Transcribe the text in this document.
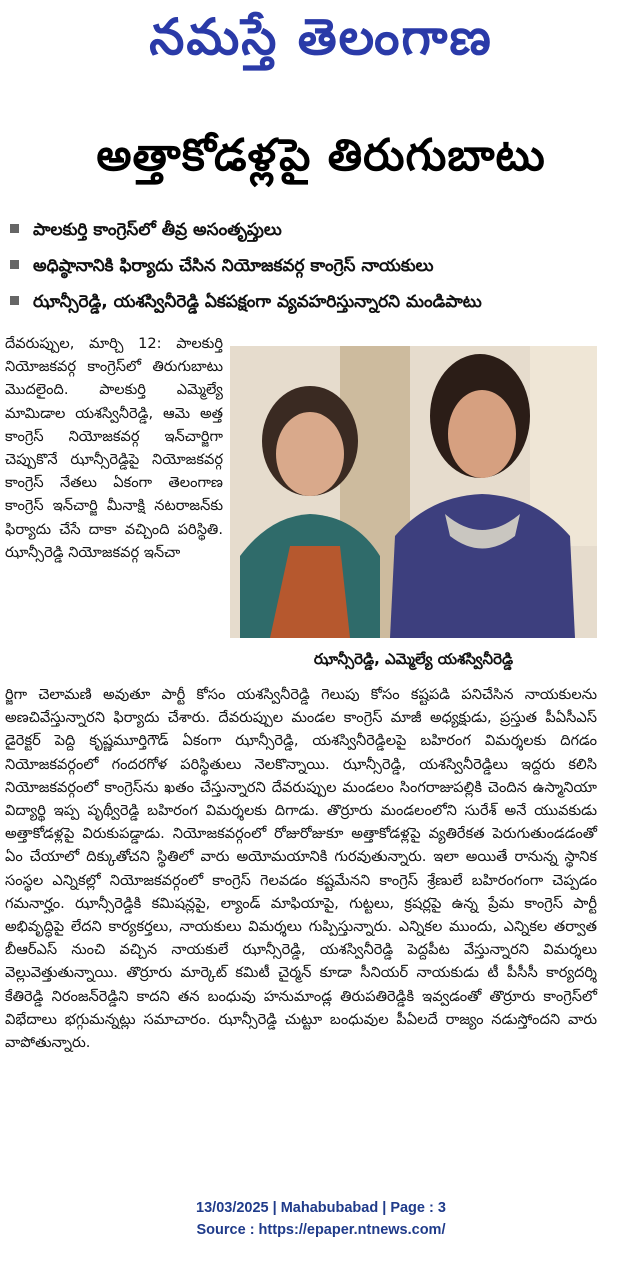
నమస్తే తెలంగాణ
అత్తాకోడళ్లపై తిరుగుబాటు
పాలకుర్తి కాంగ్రెస్‌లో తీవ్ర అసంతృప్తులు
అధిష్ఠానానికి ఫిర్యాదు చేసిన నియోజకవర్గ కాంగ్రెస్ నాయకులు
ఝాన్సీరెడ్డి, యశస్వినీరెడ్డి ఏకపక్షంగా వ్యవహరిస్తున్నారని మండిపాటు

దేవరుప్పుల, మార్చి 12: పాలకుర్తి నియోజకవర్గ కాంగ్రెస్‌లో తిరుగుబాటు మొదలైంది. పాలకుర్తి ఎమ్మెల్యే మామిడాల యశస్వినీరెడ్డి, ఆమె అత్త కాంగ్రెస్ నియోజకవర్గ ఇన్‌చార్జిగా చెప్పుకొనే ఝాన్సీరెడ్డిపై నియోజకవర్గ కాంగ్రెస్ నేతలు ఏకంగా తెలంగాణ కాంగ్రెస్ ఇన్‌చార్జి మీనాక్షి నటరాజన్‌కు ఫిర్యాదు చేసే దాకా వచ్చింది పరిస్థితి. ఝాన్సీరెడ్డి నియోజకవర్గ ఇన్‌చా

ఝాన్సీరెడ్డి, ఎమ్మెల్యే యశస్వినీరెడ్డి

ర్జిగా చెలామణి అవుతూ పార్టీ కోసం యశస్వినీరెడ్డి గెలుపు కోసం కష్టపడి పనిచేసిన నాయకులను అణచివేస్తున్నారని ఫిర్యాదు చేశారు. దేవరుప్పుల మండల కాంగ్రెస్ మాజీ అధ్యక్షుడు, ప్రస్తుత పీఏసీఎస్ డైరెక్టర్ పెద్ది కృష్ణమూర్తిగౌడ్ ఏకంగా ఝాన్సీరెడ్డి, యశస్వినీరెడ్డిలపై బహిరంగ విమర్శలకు దిగడం నియోజకవర్గంలో గందరగోళ పరిస్థితులు నెలకొన్నాయి. ఝాన్సీరెడ్డి, యశస్వినీరెడ్డిలు ఇద్దరు కలిసి నియోజకవర్గంలో కాంగ్రెస్‌ను ఖతం చేస్తున్నారని దేవరుప్పుల మండలం సింగరాజుపల్లికి చెందిన ఉస్మానియా విద్యార్థి ఇప్ప పృథ్వీరెడ్డి బహిరంగ విమర్శలకు దిగాడు. తొర్రూరు మండలంలోని సురేశ్ అనే యువకుడు అత్తాకోడళ్లపై విరుకుపడ్డాడు. నియోజకవర్గంలో రోజురోజుకూ అత్తాకోడళ్లపై వ్యతిరేకత పెరుగుతుండడంతో ఏం చేయాలో దిక్కుతోచని స్థితిలో వారు అయోమయానికి గురవుతున్నారు. ఇలా అయితే రానున్న స్థానిక సంస్థల ఎన్నికల్లో నియోజకవర్గంలో కాంగ్రెస్ గెలవడం కష్టమేనని కాంగ్రెస్ శ్రేణులే బహిరంగంగా చెప్పడం గమనార్హం. ఝాన్సీరెడ్డికి కమిషన్లపై, ల్యాండ్ మాఫియాపై, గుట్టలు, క్రషర్లపై ఉన్న ప్రేమ కాంగ్రెస్ పార్టీ అభివృద్ధిపై లేదని కార్యకర్తలు, నాయకులు విమర్శలు గుప్పిస్తున్నారు. ఎన్నికల ముందు, ఎన్నికల తర్వాత బీఆర్‌ఎస్ నుంచి వచ్చిన నాయకులే ఝాన్సీరెడ్డి, యశస్వినీరెడ్డి పెద్దపీట వేస్తున్నారని విమర్శలు వెల్లువెత్తుతున్నాయి. తొర్రూరు మార్కెట్ కమిటీ చైర్మన్ కూడా సీనియర్ నాయకుడు టీ పీసీసీ కార్యదర్శి కేతిరెడ్డి నిరంజన్‌రెడ్డిని కాదని తన బంధువు హనుమాండ్ల తిరుపతిరెడ్డికి ఇవ్వడంతో తొర్రూరు కాంగ్రెస్‌లో విభేదాలు భగ్గుమన్నట్లు సమాచారం. ఝాన్సీరెడ్డి చుట్టూ బంధువుల పీఏలదే రాజ్యం నడుస్తోందని వారు వాపోతున్నారు.

13/03/2025 | Mahabubabad | Page : 3
Source : https://epaper.ntnews.com/
